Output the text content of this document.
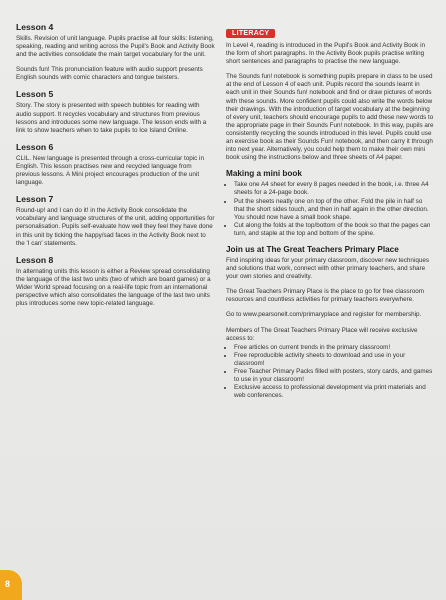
Lesson 4

Skills. Revision of unit language. Pupils practise all four skills: listening, speaking, reading and writing across the Pupil's Book and Activity Book and the activities consolidate the main target vocabulary for the unit.

Sounds fun! This pronunciation feature with audio support presents English sounds with comic characters and tongue twisters.

Lesson 5

Story. The story is presented with speech bubbles for reading with audio support. It recycles vocabulary and structures from previous lessons and introduces some new language. The lesson ends with a link to show teachers when to take pupils to Ice Island Online.

Lesson 6

CLIL. New language is presented through a cross-curricular topic in English. This lesson practises new and recycled language from previous lessons. A Mini project encourages production of the unit language.

Lesson 7

Round-up! and I can do it! in the Activity Book consolidate the vocabulary and language structures of the unit, adding opportunities for personalisation. Pupils self-evaluate how well they feel they have done in this unit by ticking the happy/sad faces in the Activity Book next to the 'I can' statements.

Lesson 8

In alternating units this lesson is either a Review spread consolidating the language of the last two units (two of which are board games) or a Wider World spread focusing on a real-life topic from an international perspective which also consolidates the language of the last two units plus introduces some new topic-related language.

LITERACY

In Level 4, reading is introduced in the Pupil's Book and Activity Book in the form of short paragraphs. In the Activity Book pupils practise writing short sentences and paragraphs to practise the new language.

The Sounds fun! notebook is something pupils prepare in class to be used at the end of Lesson 4 of each unit. Pupils record the sounds learnt in each unit in their Sounds fun! notebook and find or draw pictures of words with these sounds. More confident pupils could also write the words below their drawings. With the introduction of target vocabulary at the beginning of every unit, teachers should encourage pupils to add these new words to the appropriate page in their Sounds Fun! notebook. In this way, pupils are consistently recycling the sounds introduced in this level. Pupils could use an exercise book as their Sounds Fun! notebook, and then carry it through into next year. Alternatively, you could help them to make their own mini book using the instructions below and three sheets of A4 paper.

Making a mini book
• Take one A4 sheet for every 8 pages needed in the book, i.e. three A4 sheets for a 24-page book.
• Put the sheets neatly one on top of the other. Fold the pile in half so that the short sides touch, and then in half again in the other direction. You should now have a small book shape.
• Cut along the folds at the top/bottom of the book so that the pages can turn, and staple at the top and bottom of the spine.
Join us at The Great Teachers Primary Place

Find inspiring ideas for your primary classroom, discover new techniques and solutions that work, connect with other primary teachers, and share your own stories and creativity.

The Great Teachers Primary Place is the place to go for free classroom resources and countless activities for primary teachers everywhere.

Go to www.pearsonelt.com/primaryplace and register for membership.

Members of The Great Teachers Primary Place will receive exclusive access to:

• Free articles on current trends in the primary classroom!
• Free reproducible activity sheets to download and use in your classroom!
• Free Teacher Primary Packs filled with posters, story cards, and games to use in your classroom!
• Exclusive access to professional development via print materials and web conferences.
8
